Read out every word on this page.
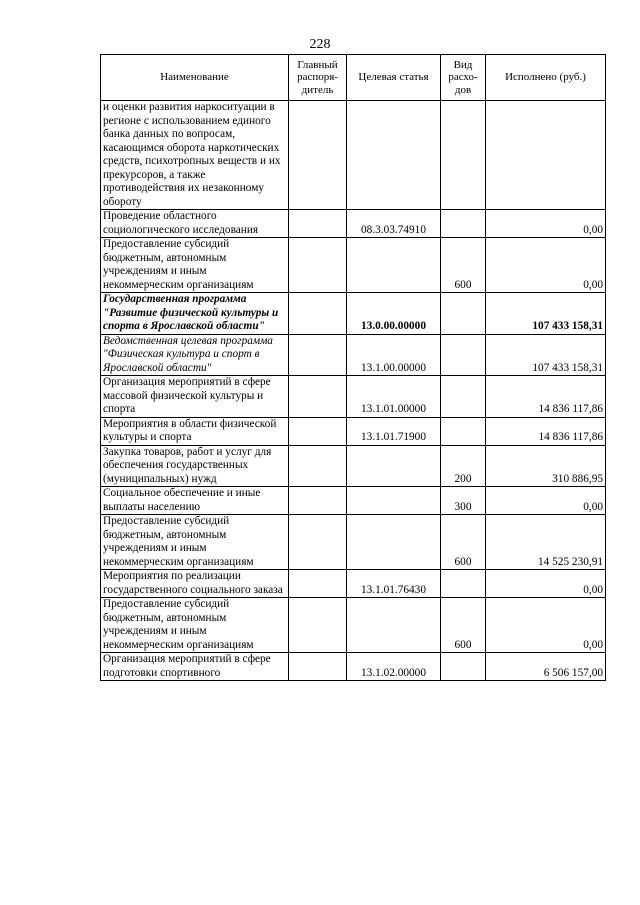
228
Наименование	Главный распоря-дитель	Целевая статья	Вид расхо-дов	Исполнено (руб.)
и оценки развития наркоситуации в регионе с использованием единого банка данных по вопросам, касающимся оборота наркотических средств, психотропных веществ и их прекурсоров, а также противодействия их незаконному обороту				
Проведение областного социологического исследования		08.3.03.74910		0,00
Предоставление субсидий бюджетным, автономным учреждениям и иным некоммерческим организациям			600	0,00
Государственная программа "Развитие физической культуры и спорта в Ярославской области"		13.0.00.00000		107 433 158,31
Ведомственная целевая программа "Физическая культура и спорт в Ярославской области"		13.1.00.00000		107 433 158,31
Организация мероприятий в сфере массовой физической культуры и спорта		13.1.01.00000		14 836 117,86
Мероприятия в области физической культуры и спорта		13.1.01.71900		14 836 117,86
Закупка товаров, работ и услуг для обеспечения государственных (муниципальных) нужд			200	310 886,95
Социальное обеспечение и иные выплаты населению			300	0,00
Предоставление субсидий бюджетным, автономным учреждениям и иным некоммерческим организациям			600	14 525 230,91
Мероприятия по реализации государственного социального заказа		13.1.01.76430		0,00
Предоставление субсидий бюджетным, автономным учреждениям и иным некоммерческим организациям			600	0,00
Организация мероприятий в сфере подготовки спортивного		13.1.02.00000		6 506 157,00
